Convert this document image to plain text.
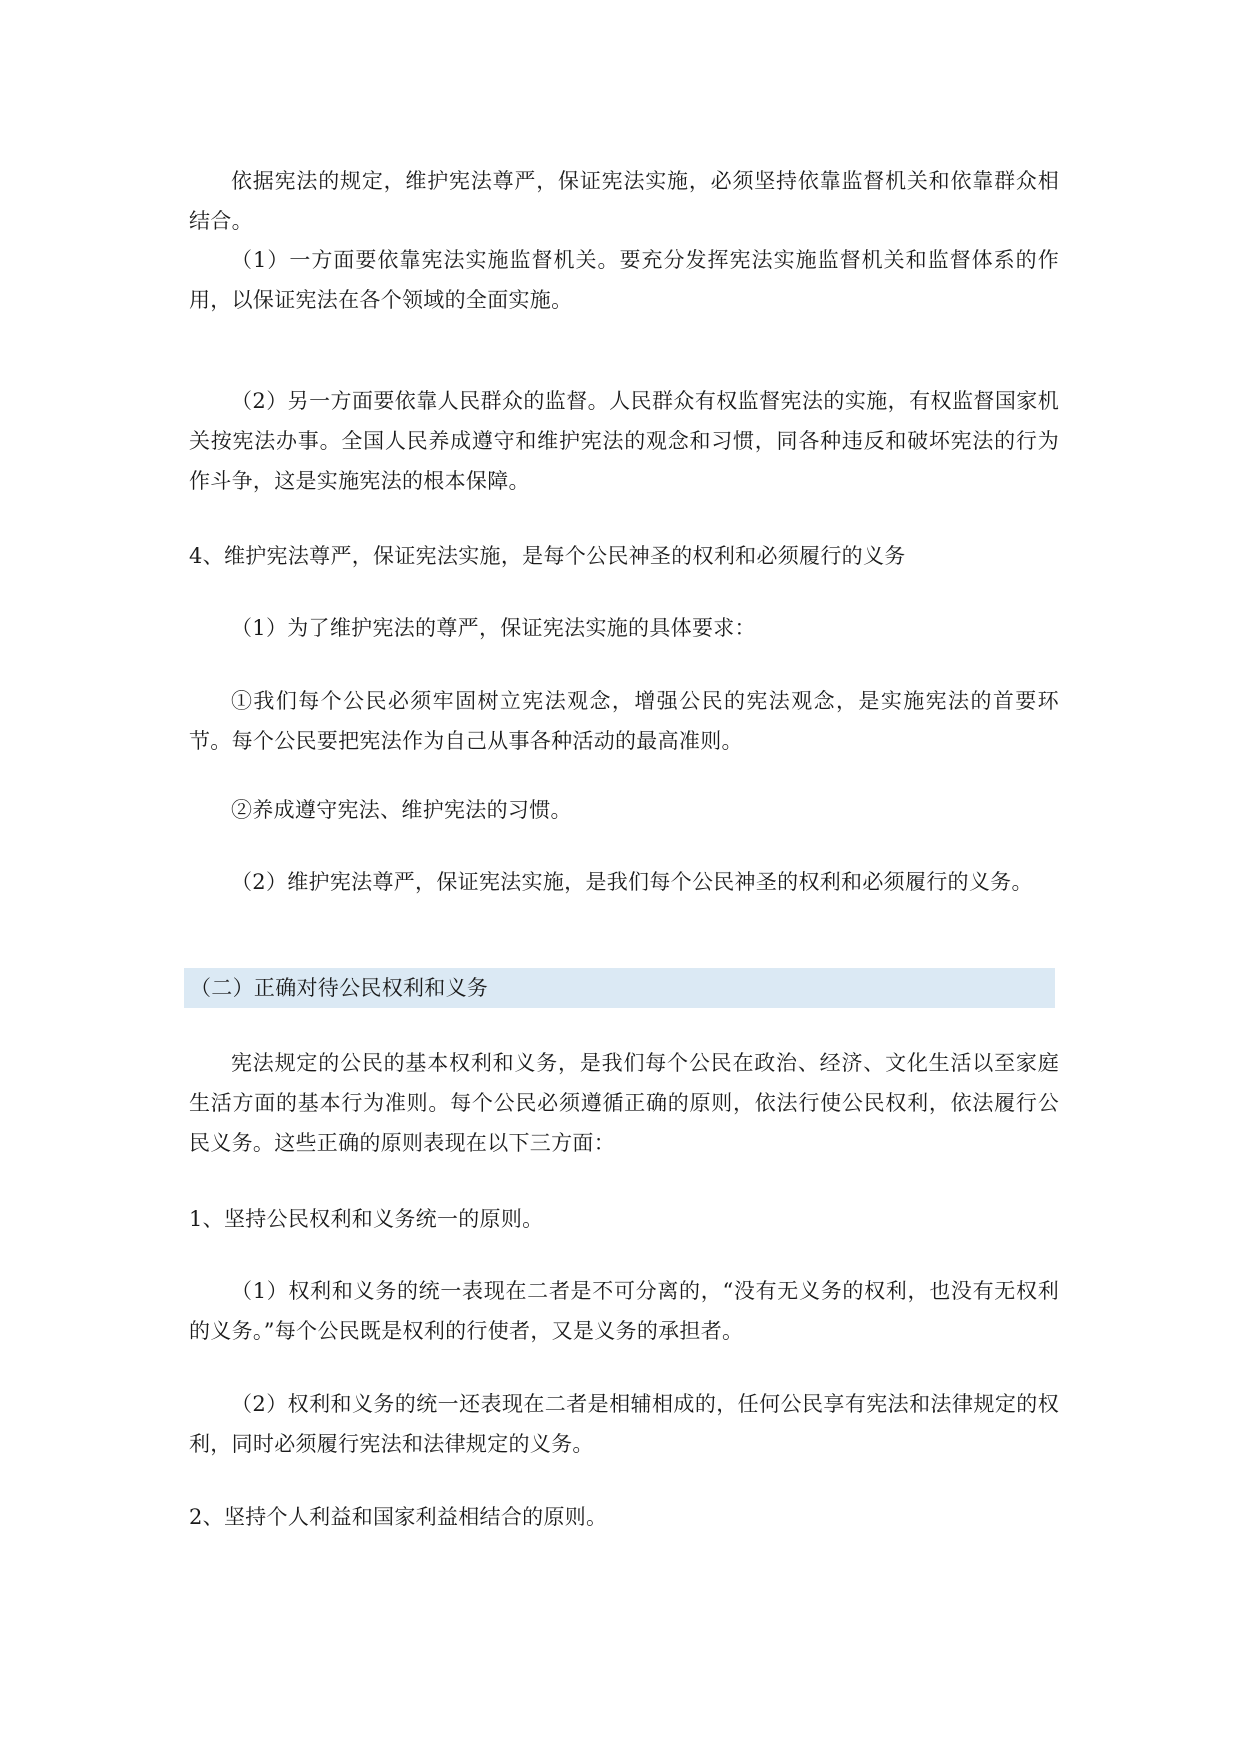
依据宪法的规定，维护宪法尊严，保证宪法实施，必须坚持依靠监督机关和依靠群众相结合。

（1）一方面要依靠宪法实施监督机关。要充分发挥宪法实施监督机关和监督体系的作用，以保证宪法在各个领域的全面实施。

（2）另一方面要依靠人民群众的监督。人民群众有权监督宪法的实施，有权监督国家机关按宪法办事。全国人民养成遵守和维护宪法的观念和习惯，同各种违反和破坏宪法的行为作斗争，这是实施宪法的根本保障。

4、维护宪法尊严，保证宪法实施，是每个公民神圣的权利和必须履行的义务

（1）为了维护宪法的尊严，保证宪法实施的具体要求：

①我们每个公民必须牢固树立宪法观念，增强公民的宪法观念，是实施宪法的首要环节。每个公民要把宪法作为自己从事各种活动的最高准则。

②养成遵守宪法、维护宪法的习惯。

（2）维护宪法尊严，保证宪法实施，是我们每个公民神圣的权利和必须履行的义务。

（二）正确对待公民权利和义务

宪法规定的公民的基本权利和义务，是我们每个公民在政治、经济、文化生活以至家庭生活方面的基本行为准则。每个公民必须遵循正确的原则，依法行使公民权利，依法履行公民义务。这些正确的原则表现在以下三方面：

1、坚持公民权利和义务统一的原则。

（1）权利和义务的统一表现在二者是不可分离的，“没有无义务的权利，也没有无权利的义务。”每个公民既是权利的行使者，又是义务的承担者。

（2）权利和义务的统一还表现在二者是相辅相成的，任何公民享有宪法和法律规定的权利，同时必须履行宪法和法律规定的义务。

2、坚持个人利益和国家利益相结合的原则。
